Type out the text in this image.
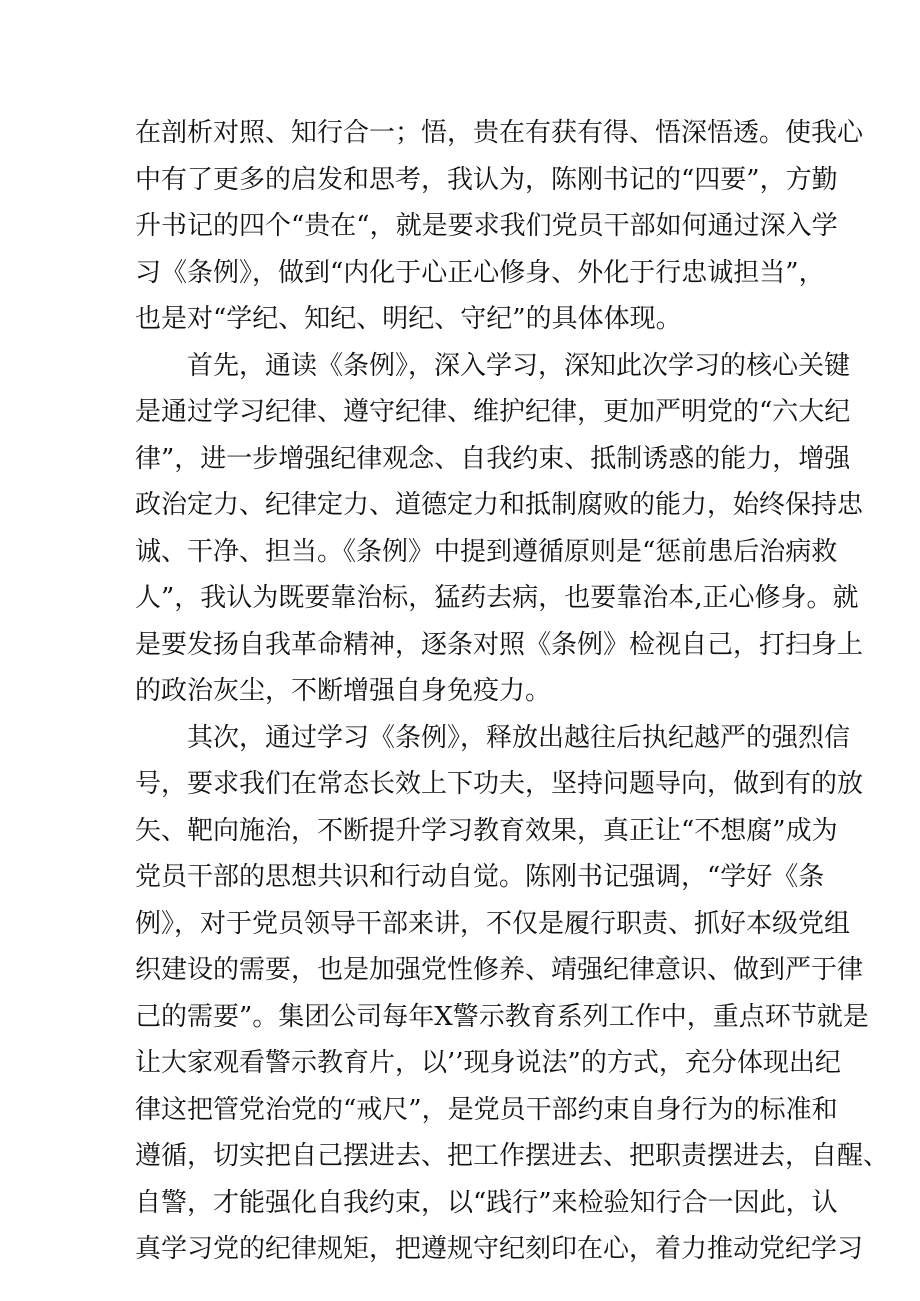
在剖析对照、知行合一；悟，贵在有获有得、悟深悟透。使我心
中有了更多的启发和思考，我认为，陈刚书记的“四要”，方勤
升书记的四个“贵在“，就是要求我们党员干部如何通过深入学
习《条例》，做到“内化于心正心修身、外化于行忠诚担当”，
也是对“学纪、知纪、明纪、守纪”的具体体现。
首先，通读《条例》，深入学习，深知此次学习的核心关键
是通过学习纪律、遵守纪律、维护纪律，更加严明党的“六大纪
律”，进一步增强纪律观念、自我约束、抵制诱惑的能力，增强
政治定力、纪律定力、道德定力和抵制腐败的能力，始终保持忠
诚、干净、担当。《条例》中提到遵循原则是“惩前患后治病救
人”，我认为既要靠治标，猛药去病，也要靠治本,正心修身。就
是要发扬自我革命精神，逐条对照《条例》检视自己，打扫身上
的政治灰尘，不断增强自身免疫力。
其次，通过学习《条例》，释放出越往后执纪越严的强烈信
号，要求我们在常态长效上下功夫，坚持问题导向，做到有的放
矢、靶向施治，不断提升学习教育效果，真正让“不想腐”成为
党员干部的思想共识和行动自觉。陈刚书记强调，“学好《条
例》，对于党员领导干部来讲，不仅是履行职责、抓好本级党组
织建设的需要，也是加强党性修养、靖强纪律意识、做到严于律
己的需要”。集团公司每年X警示教育系列工作中，重点环节就是
让大家观看警示教育片，以’’现身说法”的方式，充分体现出纪
律这把管党治党的“戒尺”，是党员干部约束自身行为的标准和
遵循，切实把自己摆进去、把工作摆进去、把职责摆进去，自醒、
自警，才能强化自我约束，以“践行”来检验知行合一因此，认
真学习党的纪律规矩，把遵规守纪刻印在心，着力推动党纪学习
